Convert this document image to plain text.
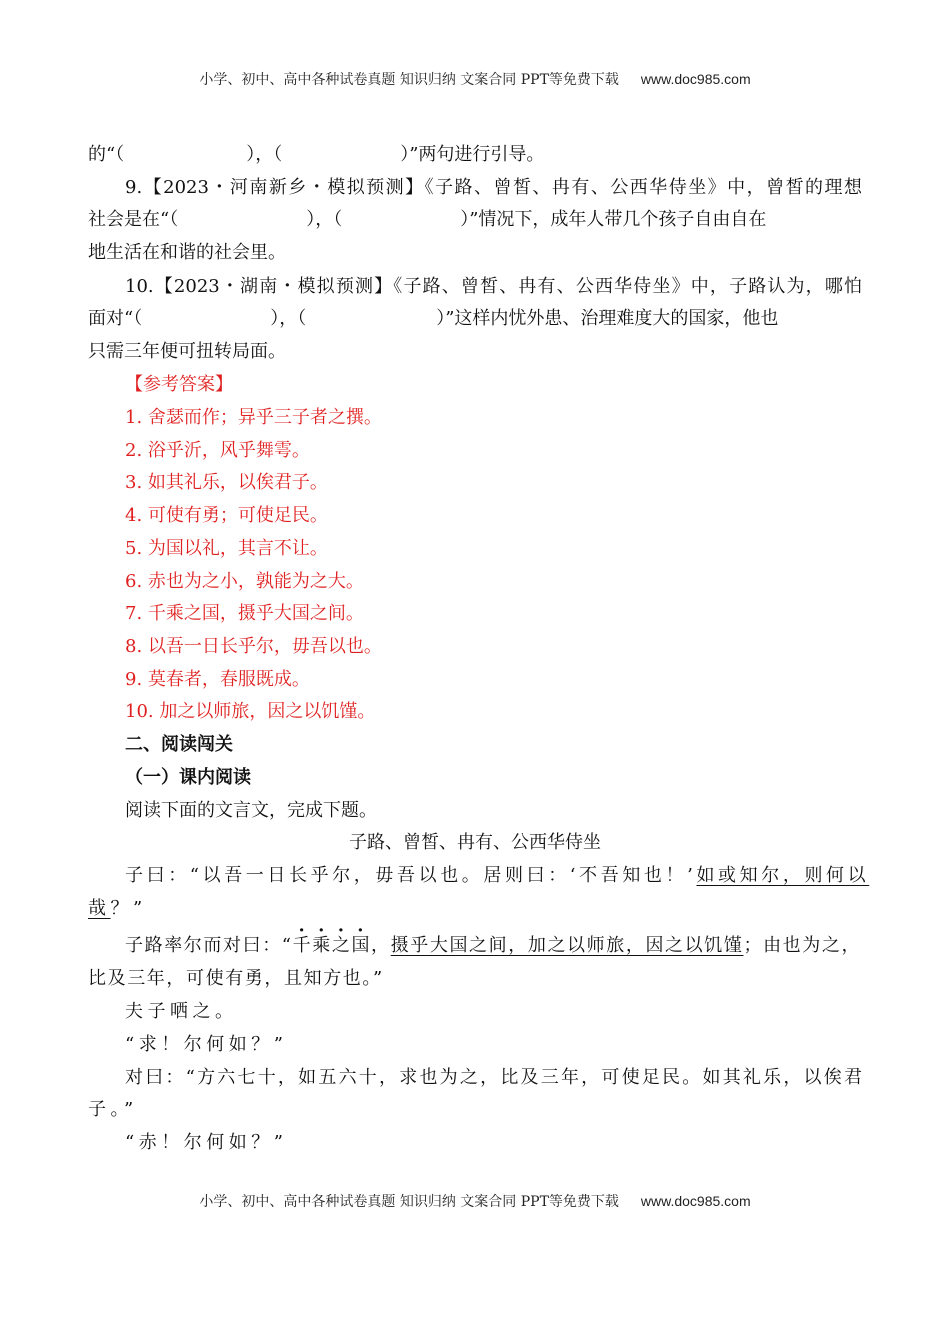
小学、初中、高中各种试卷真题 知识归纳 文案合同 PPT等免费下载 www.doc985.com
的“（	），（	）”两句进行引导。
9.【2023・河南新乡・模拟预测】《子路、曾皙、冉有、公西华侍坐》中，曾皙的理想
社会是在“（	），（	）”情况下，成年人带几个孩子自由自在
地生活在和谐的社会里。
10.【2023・湖南・模拟预测】《子路、曾皙、冉有、公西华侍坐》中，子路认为，哪怕
面对“（	），（	）”这样内忧外患、治理难度大的国家，他也
只需三年便可扭转局面。
【参考答案】
1. 舍瑟而作；异乎三子者之撰。
2. 浴乎沂，风乎舞雩。
3. 如其礼乐，以俟君子。
4. 可使有勇；可使足民。
5. 为国以礼，其言不让。
6. 赤也为之小，孰能为之大。
7. 千乘之国，摄乎大国之间。
8. 以吾一日长乎尔，毋吾以也。
9. 莫春者，春服既成。
10. 加之以师旅，因之以饥馑。
二、阅读闯关
（一）课内阅读
阅读下面的文言文，完成下题。
子路、曾皙、冉有、公西华侍坐
子曰：“以吾一日长乎尔，毋吾以也。居则曰：‘不吾知也！’如或知尔，则何以
哉？”
子路率尔而对曰：“千乘之国，摄乎大国之间，加之以师旅，因之以饥馑；由也为之，
比及三年，可使有勇，且知方也。”
夫子哂之。
“求！尔何如？”
对曰：“方六七十，如五六十，求也为之，比及三年，可使足民。如其礼乐，以俟君
子。”
“赤！尔何如？”
小学、初中、高中各种试卷真题 知识归纳 文案合同 PPT等免费下载 www.doc985.com
